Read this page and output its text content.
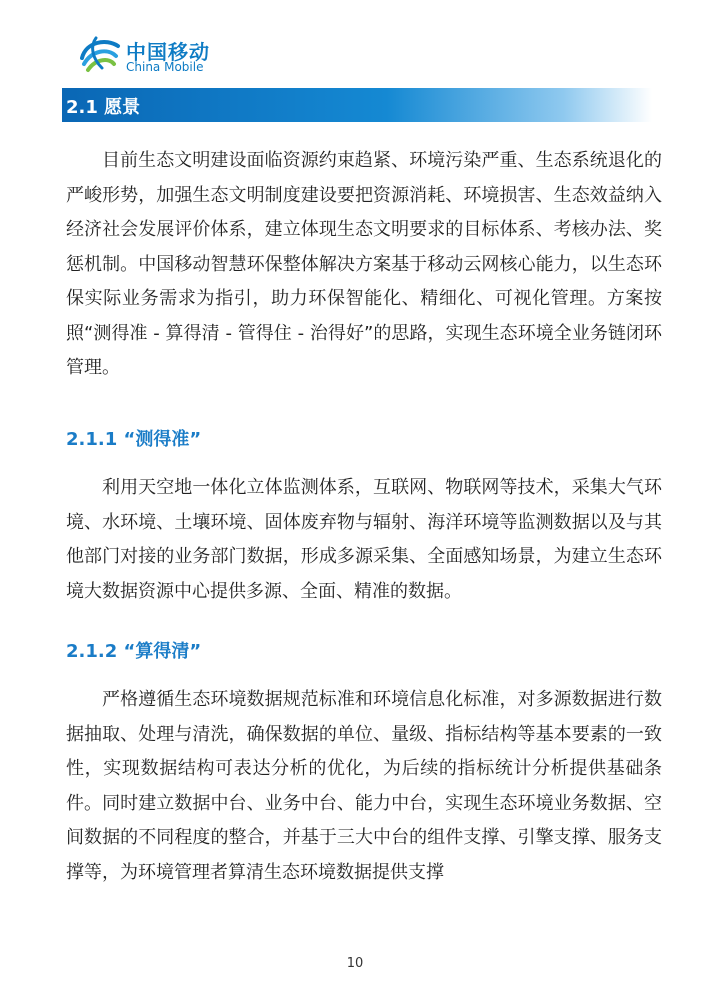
中国移动
China Mobile
2.1 愿景

目前生态文明建设面临资源约束趋紧、环境污染严重、生态系统退化的严峻形势，加强生态文明制度建设要把资源消耗、环境损害、生态效益纳入经济社会发展评价体系，建立体现生态文明要求的目标体系、考核办法、奖惩机制。中国移动智慧环保整体解决方案基于移动云网核心能力，以生态环保实际业务需求为指引，助力环保智能化、精细化、可视化管理。方案按照“测得准 - 算得清 - 管得住 - 治得好”的思路，实现生态环境全业务链闭环管理。

2.1.1 “测得准”

利用天空地一体化立体监测体系，互联网、物联网等技术，采集大气环境、水环境、土壤环境、固体废弃物与辐射、海洋环境等监测数据以及与其他部门对接的业务部门数据，形成多源采集、全面感知场景，为建立生态环境大数据资源中心提供多源、全面、精准的数据。

2.1.2 “算得清”

严格遵循生态环境数据规范标准和环境信息化标准，对多源数据进行数据抽取、处理与清洗，确保数据的单位、量级、指标结构等基本要素的一致性，实现数据结构可表达分析的优化，为后续的指标统计分析提供基础条件。同时建立数据中台、业务中台、能力中台，实现生态环境业务数据、空间数据的不同程度的整合，并基于三大中台的组件支撑、引擎支撑、服务支撑等，为环境管理者算清生态环境数据提供支撑

10
